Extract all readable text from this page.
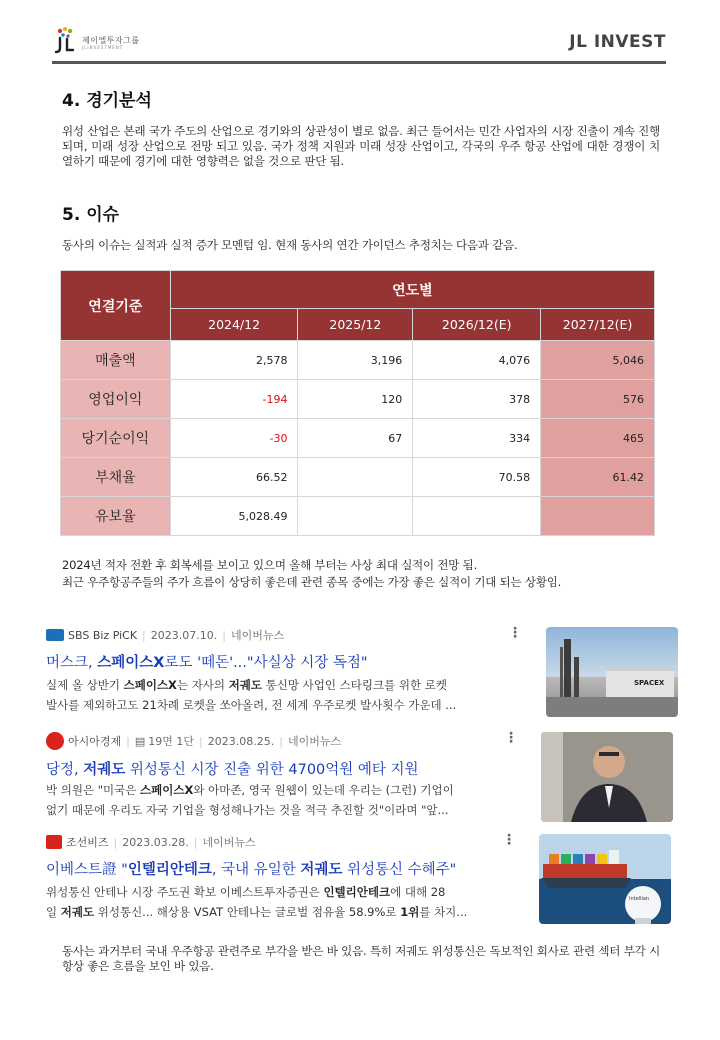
제이엘투자그룹
JLINVESTMENT	JL INVEST
4. 경기분석
위성 산업은 본래 국가 주도의 산업으로 경기와의 상관성이 별로 없음. 최근 들어서는 민간 사업자의 시장 진출이 계속 진행 되며, 미래 성장 산업으로 전망 되고 있음. 국가 정책 지원과 미래 성장 산업이고, 각국의 우주 항공 산업에 대한 경쟁이 치열하기 때문에 경기에 대한 영향력은 없을 것으로 판단 됨.
5. 이슈
동사의 이슈는 실적과 실적 증가 모멘텀 임. 현재 동사의 연간 가이던스 추정치는 다음과 같음.
연결기준	연도별			
	2024/12	2025/12	2026/12(E)	2027/12(E)
매출액	2,578	3,196	4,076	5,046
영업이익	-194	120	378	576
당기순이익	-30	67	334	465
부채율	66.52		70.58	61.42
유보율	5,028.49			
2024년 적자 전환 후 회복세를 보이고 있으며 올해 부터는 사상 최대 실적이 전망 됨.
최근 우주항공주들의 주가 흐름이 상당히 좋은데 관련 종목 중에는 가장 좋은 실적이 기대 되는 상황임.
SBS Biz PiCK | 2023.07.10. | 네이버뉴스	⋮
머스크, 스페이스X로도 '떼돈'..."사실상 시장 독점"
실제 올 상반기 스페이스X는 자사의 저궤도 통신망 사업인 스타링크를 위한 로켓
발사를 제외하고도 21차례 로켓을 쏘아올려, 전 세계 우주로켓 발사횟수 가운데 ...
SPACEX
아시아경제 | ▤ 19면 1단 | 2023.08.25. | 네이버뉴스	⋮
당정, 저궤도 위성통신 시장 진출 위한 4700억원 예타 지원
박 의원은 "미국은 스페이스X와 아마존, 영국 원웹이 있는데 우리는 (그런) 기업이
없기 때문에 우리도 자국 기업을 형성해나가는 것을 적극 추진할 것"이라며 "앞...
조선비즈 | 2023.03.28. | 네이버뉴스	⋮
이베스트證 "인텔리안테크, 국내 유일한 저궤도 위성통신 수혜주"
위성통신 안테나 시장 주도권 확보 이베스트투자증권은 인텔리안테크에 대해 28
일 저궤도 위성통신... 해상용 VSAT 안테나는 글로벌 점유율 58.9%로 1위를 차지...
Intellian
동사는 과거부터 국내 우주항공 관련주로 부각을 받은 바 있음. 특히 저궤도 위성통신은 독보적인 회사로 관련 섹터 부각 시 항상 좋은 흐름을 보인 바 있음.
